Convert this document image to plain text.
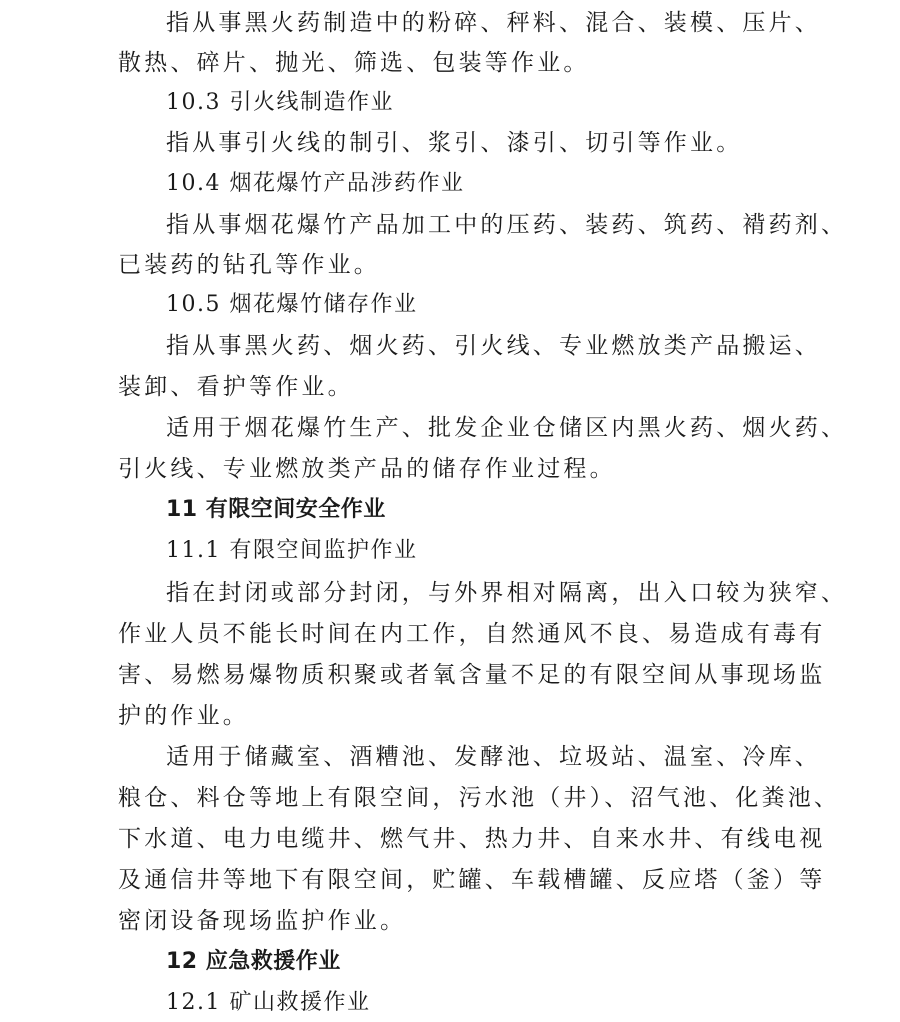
指从事黑火药制造中的粉碎、秤料、混合、装模、压片、
散热、碎片、抛光、筛选、包装等作业。
10.3 引火线制造作业
指从事引火线的制引、浆引、漆引、切引等作业。
10.4 烟花爆竹产品涉药作业
指从事烟花爆竹产品加工中的压药、装药、筑药、褙药剂、
已装药的钻孔等作业。
10.5 烟花爆竹储存作业
指从事黑火药、烟火药、引火线、专业燃放类产品搬运、
装卸、看护等作业。
适用于烟花爆竹生产、批发企业仓储区内黑火药、烟火药、
引火线、专业燃放类产品的储存作业过程。
11 有限空间安全作业
11.1 有限空间监护作业
指在封闭或部分封闭，与外界相对隔离，出入口较为狭窄、
作业人员不能长时间在内工作，自然通风不良、易造成有毒有
害、易燃易爆物质积聚或者氧含量不足的有限空间从事现场监
护的作业。
适用于储藏室、酒糟池、发酵池、垃圾站、温室、冷库、
粮仓、料仓等地上有限空间，污水池（井）、沼气池、化粪池、
下水道、电力电缆井、燃气井、热力井、自来水井、有线电视
及通信井等地下有限空间，贮罐、车载槽罐、反应塔（釜）等
密闭设备现场监护作业。
12 应急救援作业
12.1 矿山救援作业
